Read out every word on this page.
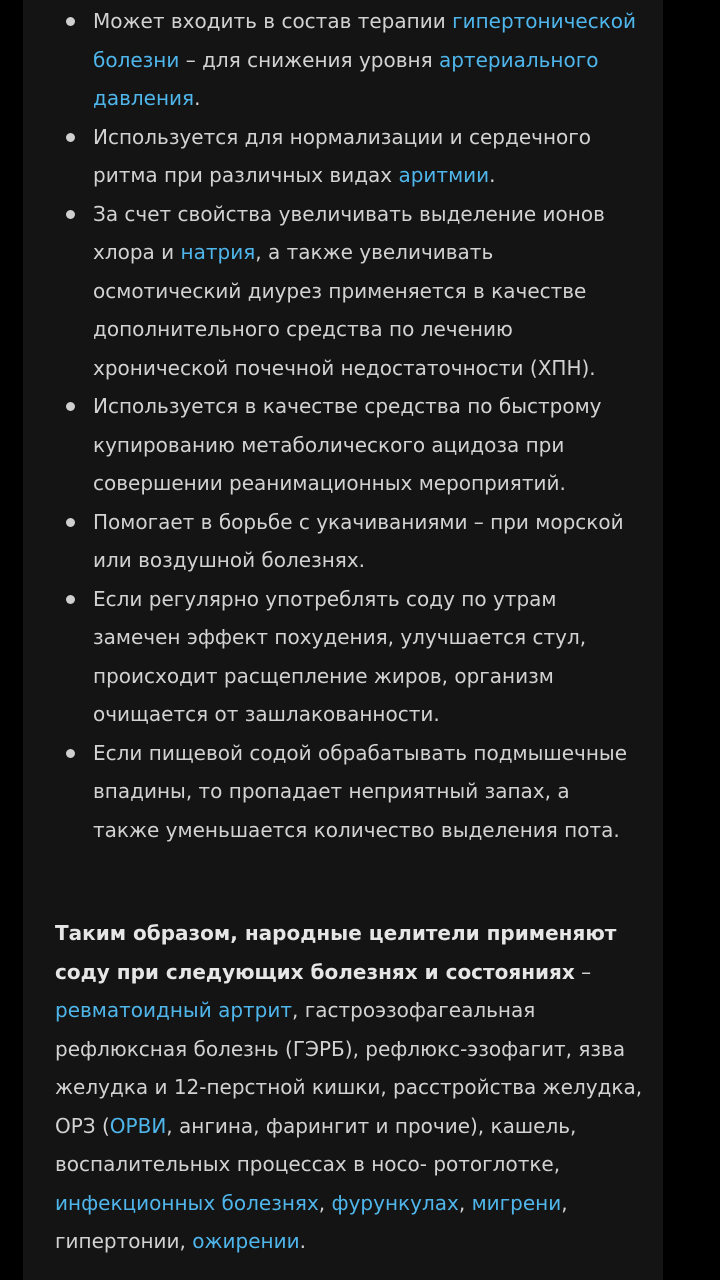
Может входить в состав терапии гипертонической болезни – для снижения уровня артериального давления.
Используется для нормализации и сердечного ритма при различных видах аритмии.
За счет свойства увеличивать выделение ионов хлора и натрия, а также увеличивать осмотический диурез применяется в качестве дополнительного средства по лечению хронической почечной недостаточности (ХПН).
Используется в качестве средства по быстрому купированию метаболического ацидоза при совершении реанимационных мероприятий.
Помогает в борьбе с укачиваниями – при морской или воздушной болезнях.
Если регулярно употреблять соду по утрам замечен эффект похудения, улучшается стул, происходит расщепление жиров, организм очищается от зашлакованности.
Если пищевой содой обрабатывать подмышечные впадины, то пропадает неприятный запах, а также уменьшается количество выделения пота.

Таким образом, народные целители применяют соду при следующих болезнях и состояниях – ревматоидный артрит, гастроэзофагеальная рефлюксная болезнь (ГЭРБ), рефлюкс-эзофагит, язва желудка и 12-перстной кишки, расстройства желудка, ОРЗ (ОРВИ, ангина, фарингит и прочие), кашель, воспалительных процессах в носо- ротоглотке, инфекционных болезнях, фурункулах, мигрени, гипертонии, ожирении.
